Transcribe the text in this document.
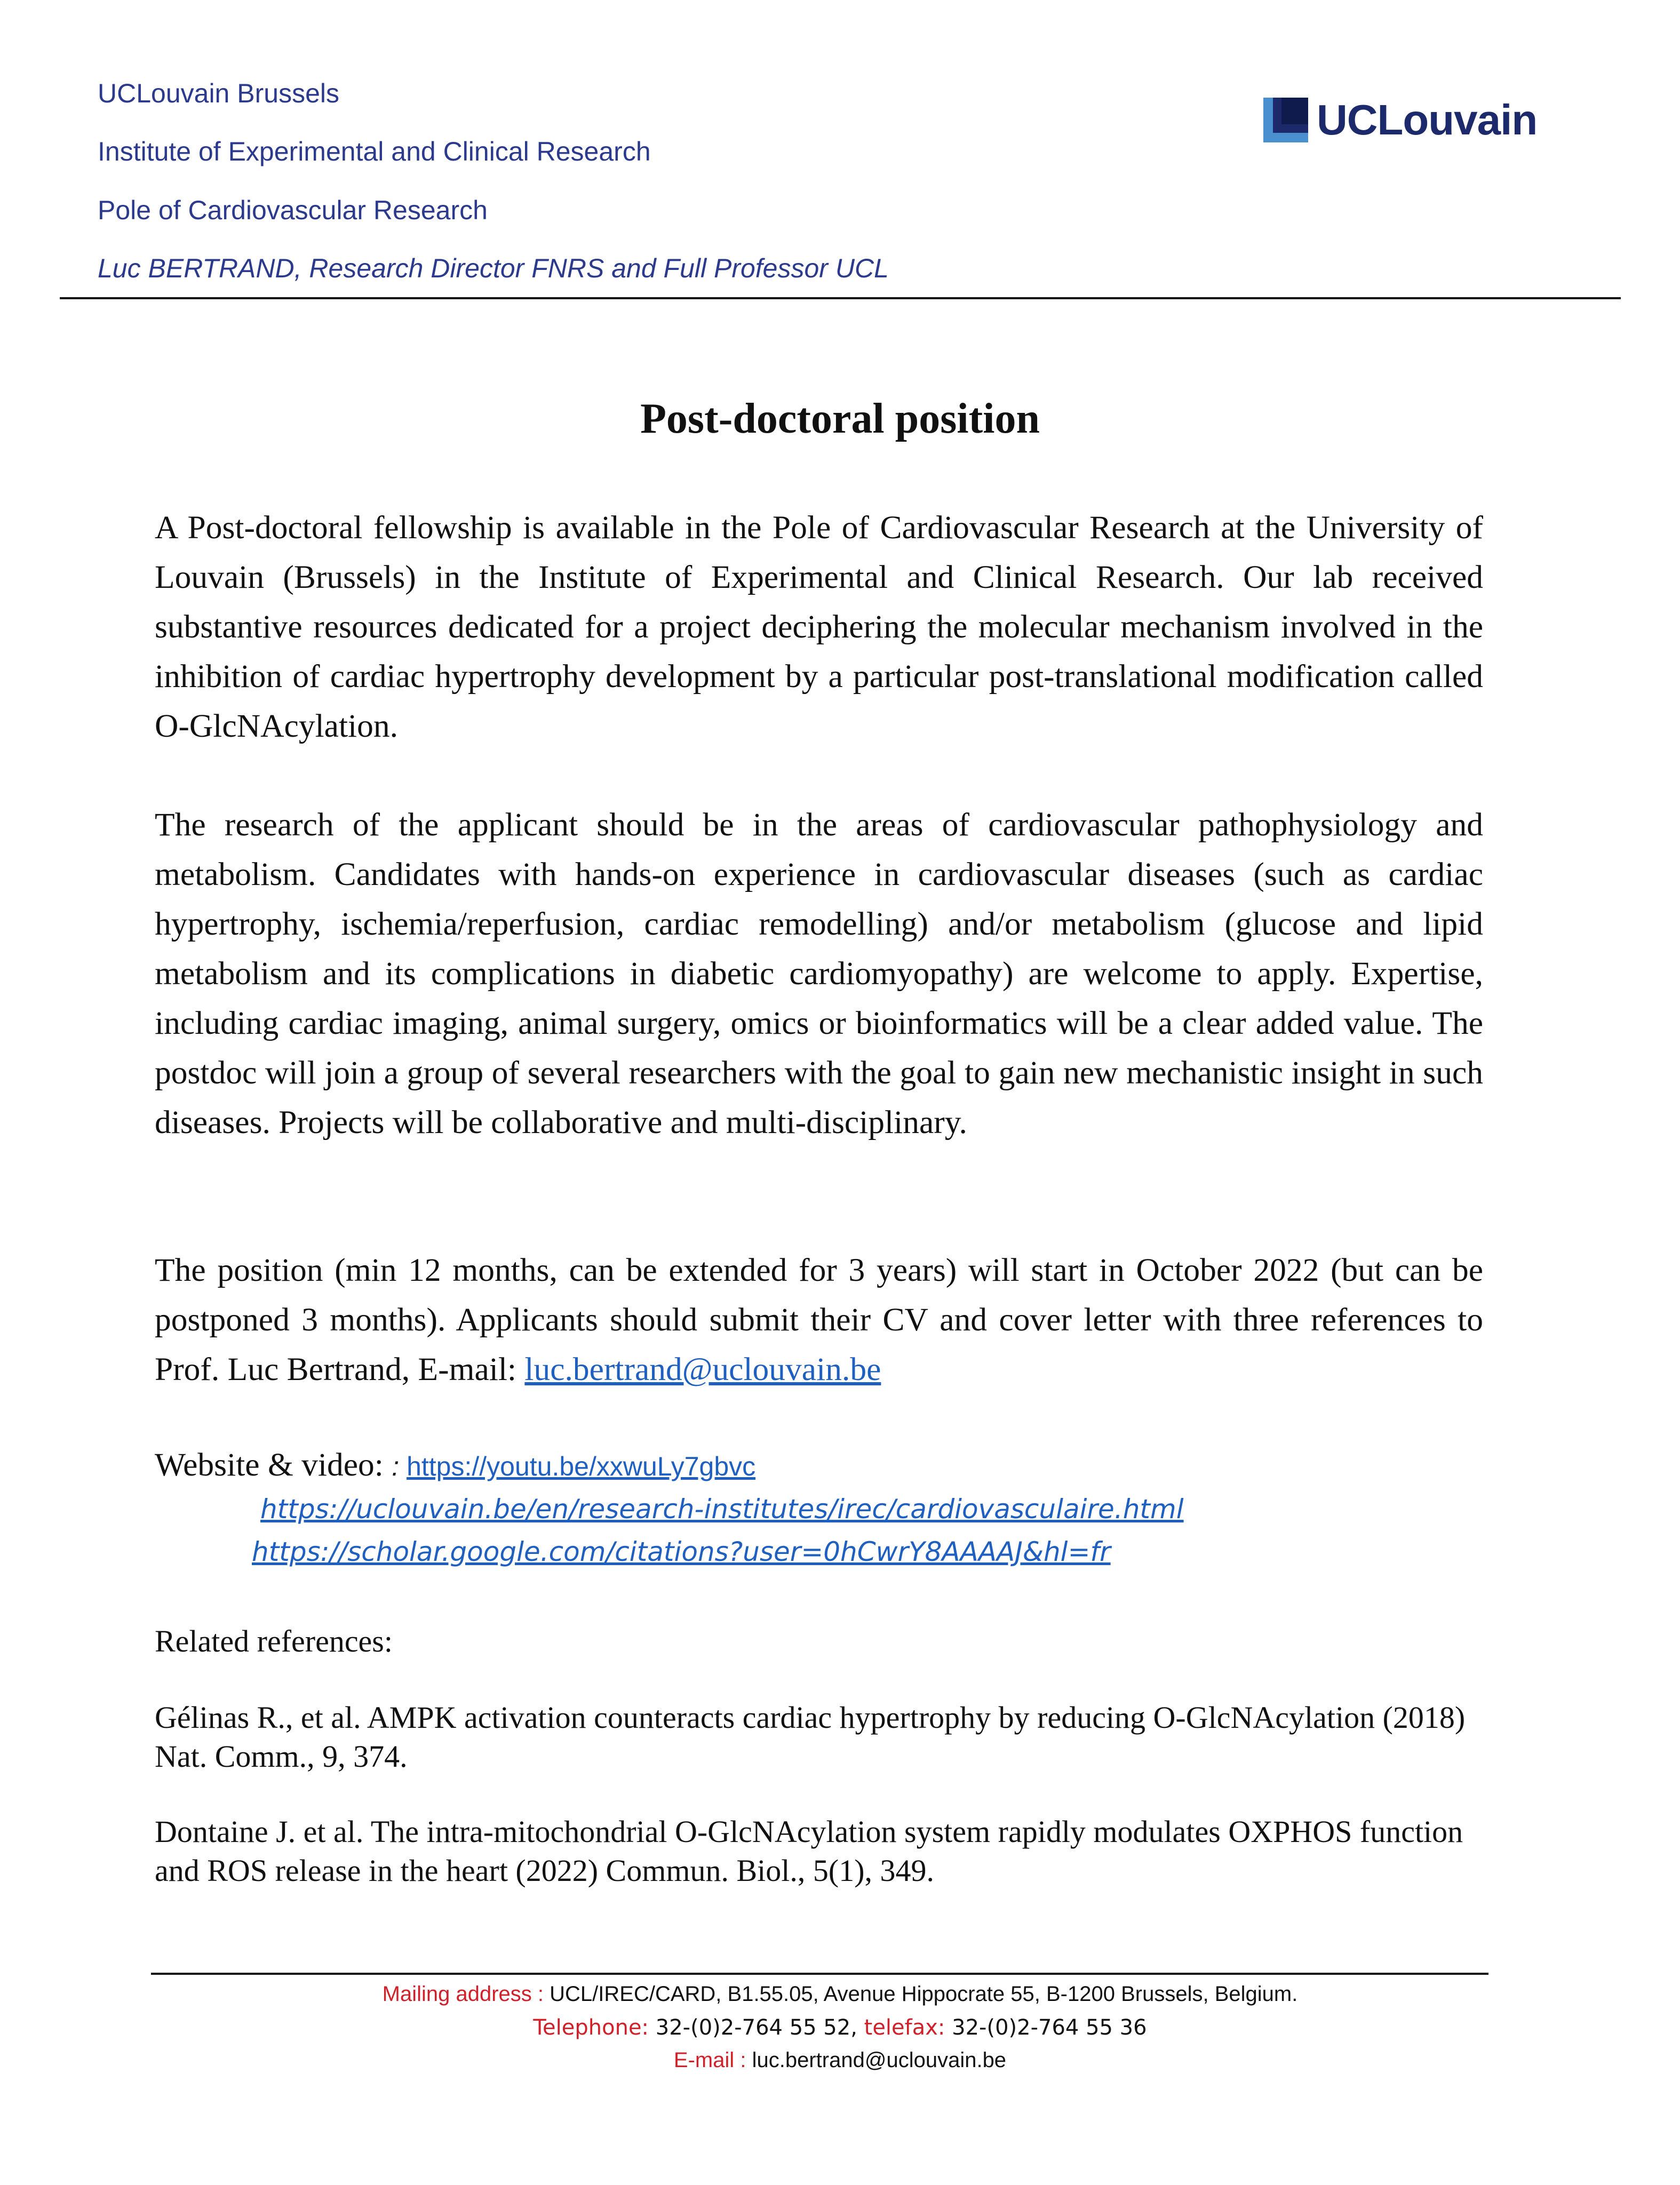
UCLouvain Brussels

Institute of Experimental and Clinical Research

Pole of Cardiovascular Research

Luc BERTRAND, Research Director FNRS and Full Professor UCL

UCLouvain
Post-doctoral position

A Post-doctoral fellowship is available in the Pole of Cardiovascular Research at the University of Louvain (Brussels) in the Institute of Experimental and Clinical Research. Our lab received substantive resources dedicated for a project deciphering the molecular mechanism involved in the inhibition of cardiac hypertrophy development by a particular post-translational modification called O-GlcNAcylation.

The research of the applicant should be in the areas of cardiovascular pathophysiology and metabolism. Candidates with hands-on experience in cardiovascular diseases (such as cardiac hypertrophy, ischemia/reperfusion, cardiac remodelling) and/or metabolism (glucose and lipid metabolism and its complications in diabetic cardiomyopathy) are welcome to apply. Expertise, including cardiac imaging, animal surgery, omics or bioinformatics will be a clear added value. The postdoc will join a group of several researchers with the goal to gain new mechanistic insight in such diseases. Projects will be collaborative and multi-disciplinary.

The position (min 12 months, can be extended for 3 years) will start in October 2022 (but can be postponed 3 months). Applicants should submit their CV and cover letter with three references to Prof. Luc Bertrand, E-mail: luc.bertrand@uclouvain.be

Website & video: : https://youtu.be/xxwuLy7gbvc

https://uclouvain.be/en/research-institutes/irec/cardiovasculaire.html
https://scholar.google.com/citations?user=0hCwrY8AAAAJ&hl=fr

Related references:

Gélinas R., et al. AMPK activation counteracts cardiac hypertrophy by reducing O-GlcNAcylation (2018) Nat. Comm., 9, 374.

Dontaine J. et al. The intra-mitochondrial O-GlcNAcylation system rapidly modulates OXPHOS function and ROS release in the heart (2022) Commun. Biol., 5(1), 349.

Mailing address : UCL/IREC/CARD, B1.55.05, Avenue Hippocrate 55, B-1200 Brussels, Belgium.

Telephone: 32-(0)2-764 55 52, telefax: 32-(0)2-764 55 36

E-mail : luc.bertrand@uclouvain.be
